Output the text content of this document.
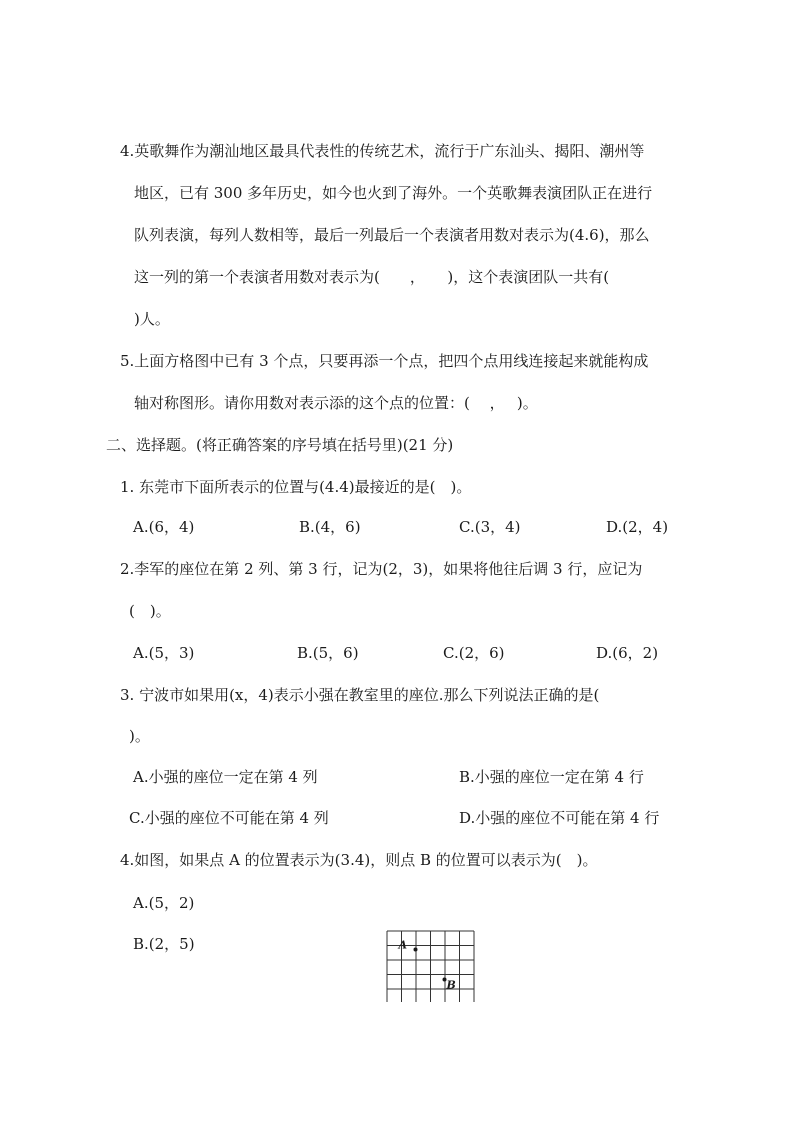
4.英歌舞作为潮汕地区最具代表性的传统艺术，流行于广东汕头、揭阳、潮州等
地区，已有 300 多年历史，如今也火到了海外。一个英歌舞表演团队正在进行
队列表演，每列人数相等，最后一列最后一个表演者用数对表示为(4.6)，那么
这一列的第一个表演者用数对表示为(　　，　　)，这个表演团队一共有(
)人。
5.上面方格图中已有 3 个点，只要再添一个点，把四个点用线连接起来就能构成
轴对称图形。请你用数对表示添的这个点的位置：(　 ，　 )。
二、选择题。(将正确答案的序号填在括号里)(21 分)
1. 东莞市下面所表示的位置与(4.4)最接近的是(　)。
A.(6，4)	B.(4，6)	C.(3，4)	D.(2，4)
2.李军的座位在第 2 列、第 3 行，记为(2，3)，如果将他往后调 3 行，应记为
(　)。
A.(5，3)	B.(5，6)	C.(2，6)	D.(6，2)
3. 宁波市如果用(x，4)表示小强在教室里的座位.那么下列说法正确的是(
)。
A.小强的座位一定在第 4 列	B.小强的座位一定在第 4 行
C.小强的座位不可能在第 4 列	D.小强的座位不可能在第 4 行
4.如图，如果点 A 的位置表示为(3.4)，则点 B 的位置可以表示为(　)。
A.(5，2)
B.(2，5)	A
B
